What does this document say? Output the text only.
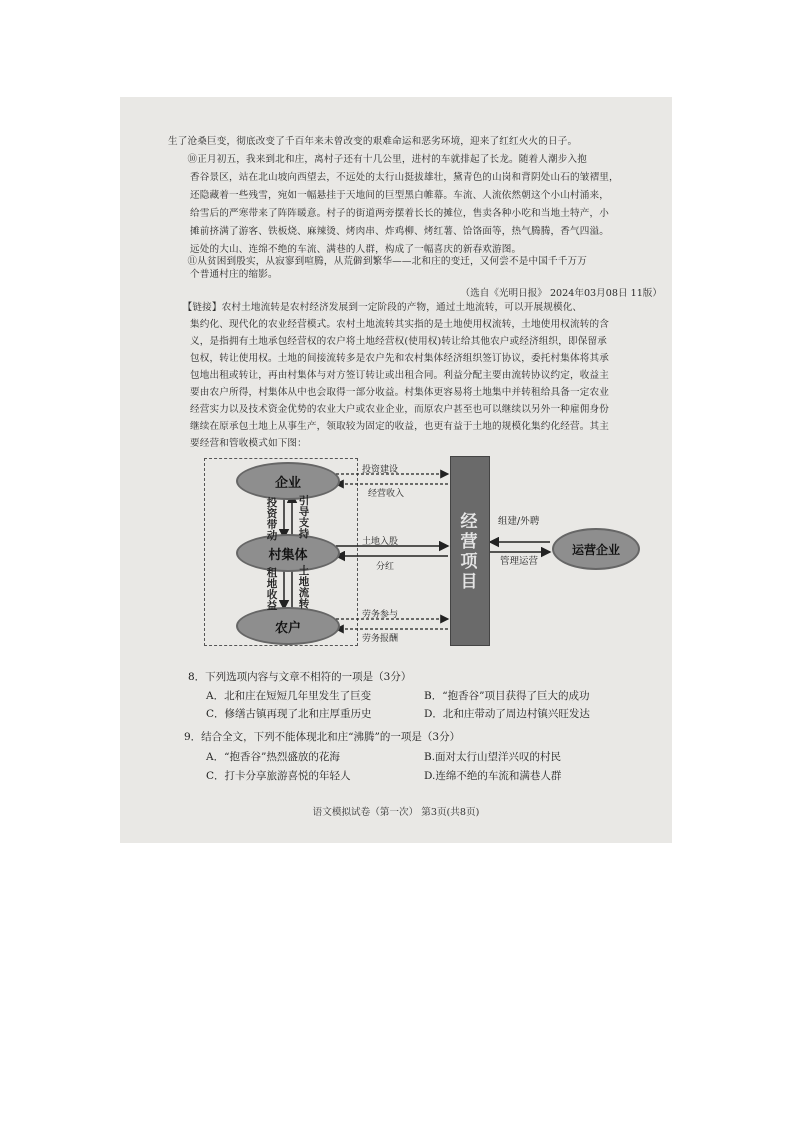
生了沧桑巨变，彻底改变了千百年来未曾改变的艰难命运和恶劣环境，迎来了红红火火的日子。
　　⑩正月初五，我来到北和庄，离村子还有十几公里，进村的车就排起了长龙。随着人潮步入抱
香谷景区，站在北山坡向西望去，不远处的太行山挺拔雄壮，黛青色的山岗和背阴处山石的皱褶里，
还隐藏着一些残雪，宛如一幅悬挂于天地间的巨型黑白帷幕。车流、人流依然朝这个小山村涌来，
给雪后的严寒带来了阵阵暖意。村子的街道两旁摆着长长的摊位，售卖各种小吃和当地土特产，小
摊前挤满了游客、铁板烧、麻辣烫、烤肉串、炸鸡柳、烤红薯、饸饹面等，热气腾腾，香气四溢。
远处的大山、连绵不绝的车流、满巷的人群，构成了一幅喜庆的新春欢游图。
　　⑪从贫困到殷实，从寂寥到喧腾，从荒僻到繁华——北和庄的变迁，又何尝不是中国千千万万
个普通村庄的缩影。
（选自《光明日报》 2024年03月08日 11版）
　　【链接】农村土地流转是农村经济发展到一定阶段的产物，通过土地流转，可以开展规模化、
集约化、现代化的农业经营模式。农村土地流转其实指的是土地使用权流转，土地使用权流转的含
义，是指拥有土地承包经营权的农户将土地经营权(使用权)转让给其他农户或经济组织，即保留承
包权，转让使用权。土地的间接流转多是农户先和农村集体经济组织签订协议，委托村集体将其承
包地出租或转让，再由村集体与对方签订转让或出租合同。利益分配主要由流转协议约定，收益主
要由农户所得，村集体从中也会取得一部分收益。村集体更容易将土地集中并转租给具备一定农业
经营实力以及技术资金优势的农业大户或农业企业，而原农户甚至也可以继续以另外一种雇佣身份
继续在原承包土地上从事生产，领取较为固定的收益，也更有益于土地的规模化集约化经营。其主
要经营和管收模式如下图：
企业
村集体
农户
运营企业
经
营
项
目
投
资
带
动
引
导
支
持
租
地
收
益
土
地
流
转
投资建设
经营收入
土地入股
分红
劳务参与
劳务报酬
组建/外聘
管理运营
8．下列选项内容与文章不相符的一项是（3分）
A．北和庄在短短几年里发生了巨变	B．“抱香谷”项目获得了巨大的成功
C．修缮古镇再现了北和庄厚重历史	D．北和庄带动了周边村镇兴旺发达
9．结合全文，下列不能体现北和庄“沸腾”的一项是（3分）
A．“抱香谷”热烈盛放的花海	B.面对太行山望洋兴叹的村民
C．打卡分享旅游喜悦的年轻人	D.连绵不绝的车流和满巷人群
语文模拟试卷（第一次） 第3页(共8页)
